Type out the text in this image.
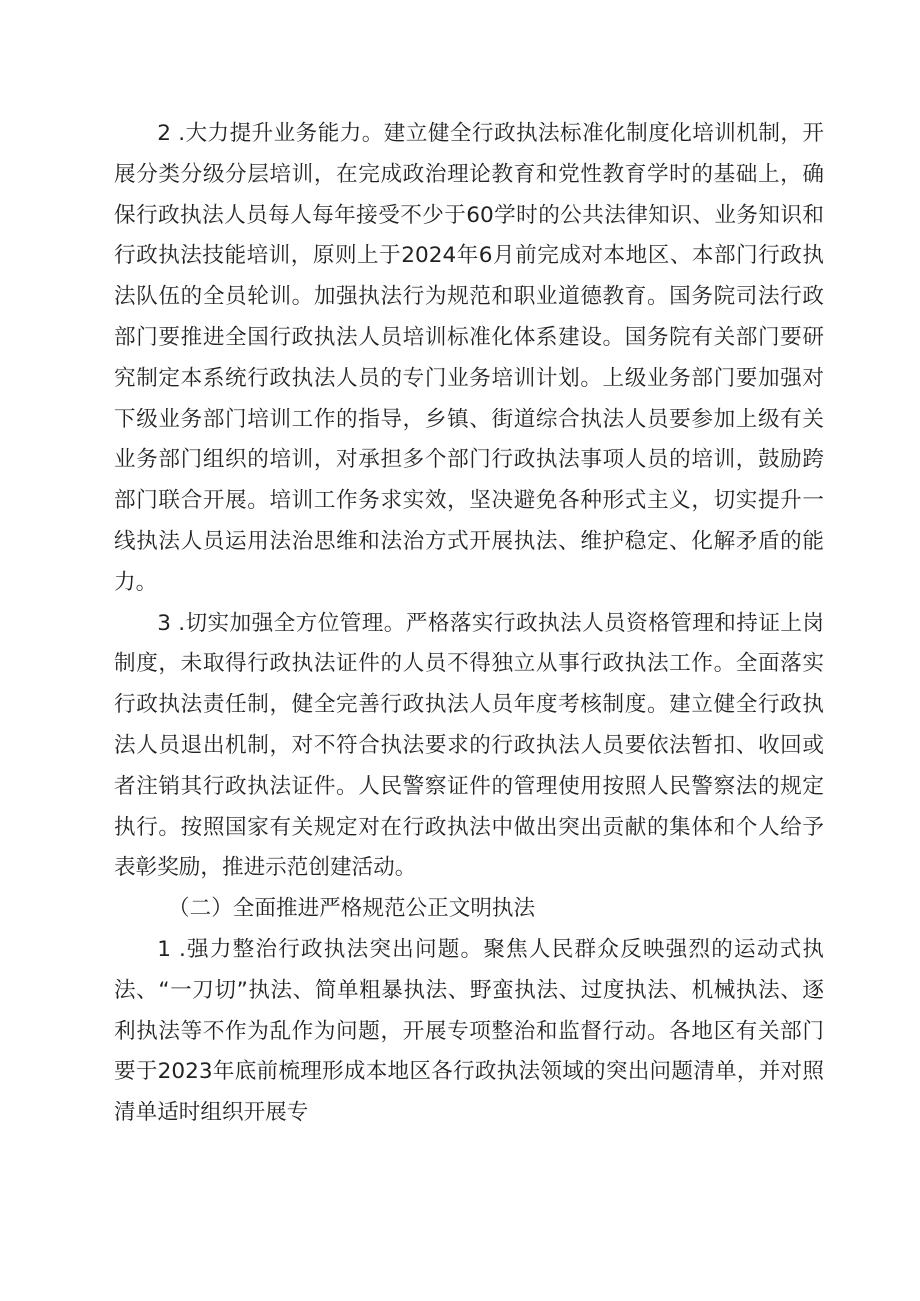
2 .大力提升业务能力。建立健全行政执法标准化制度化培训机制，开展分类分级分层培训，在完成政治理论教育和党性教育学时的基础上，确保行政执法人员每人每年接受不少于60学时的公共法律知识、业务知识和行政执法技能培训，原则上于2024年6月前完成对本地区、本部门行政执法队伍的全员轮训。加强执法行为规范和职业道德教育。国务院司法行政部门要推进全国行政执法人员培训标准化体系建设。国务院有关部门要研究制定本系统行政执法人员的专门业务培训计划。上级业务部门要加强对下级业务部门培训工作的指导，乡镇、街道综合执法人员要参加上级有关业务部门组织的培训，对承担多个部门行政执法事项人员的培训，鼓励跨部门联合开展。培训工作务求实效，坚决避免各种形式主义，切实提升一线执法人员运用法治思维和法治方式开展执法、维护稳定、化解矛盾的能力。

3 .切实加强全方位管理。严格落实行政执法人员资格管理和持证上岗制度，未取得行政执法证件的人员不得独立从事行政执法工作。全面落实行政执法责任制，健全完善行政执法人员年度考核制度。建立健全行政执法人员退出机制，对不符合执法要求的行政执法人员要依法暂扣、收回或者注销其行政执法证件。人民警察证件的管理使用按照人民警察法的规定执行。按照国家有关规定对在行政执法中做出突出贡献的集体和个人给予表彰奖励，推进示范创建活动。

（二）全面推进严格规范公正文明执法

1 .强力整治行政执法突出问题。聚焦人民群众反映强烈的运动式执法、“一刀切”执法、简单粗暴执法、野蛮执法、过度执法、机械执法、逐利执法等不作为乱作为问题，开展专项整治和监督行动。各地区有关部门要于2023年底前梳理形成本地区各行政执法领域的突出问题清单，并对照清单适时组织开展专
